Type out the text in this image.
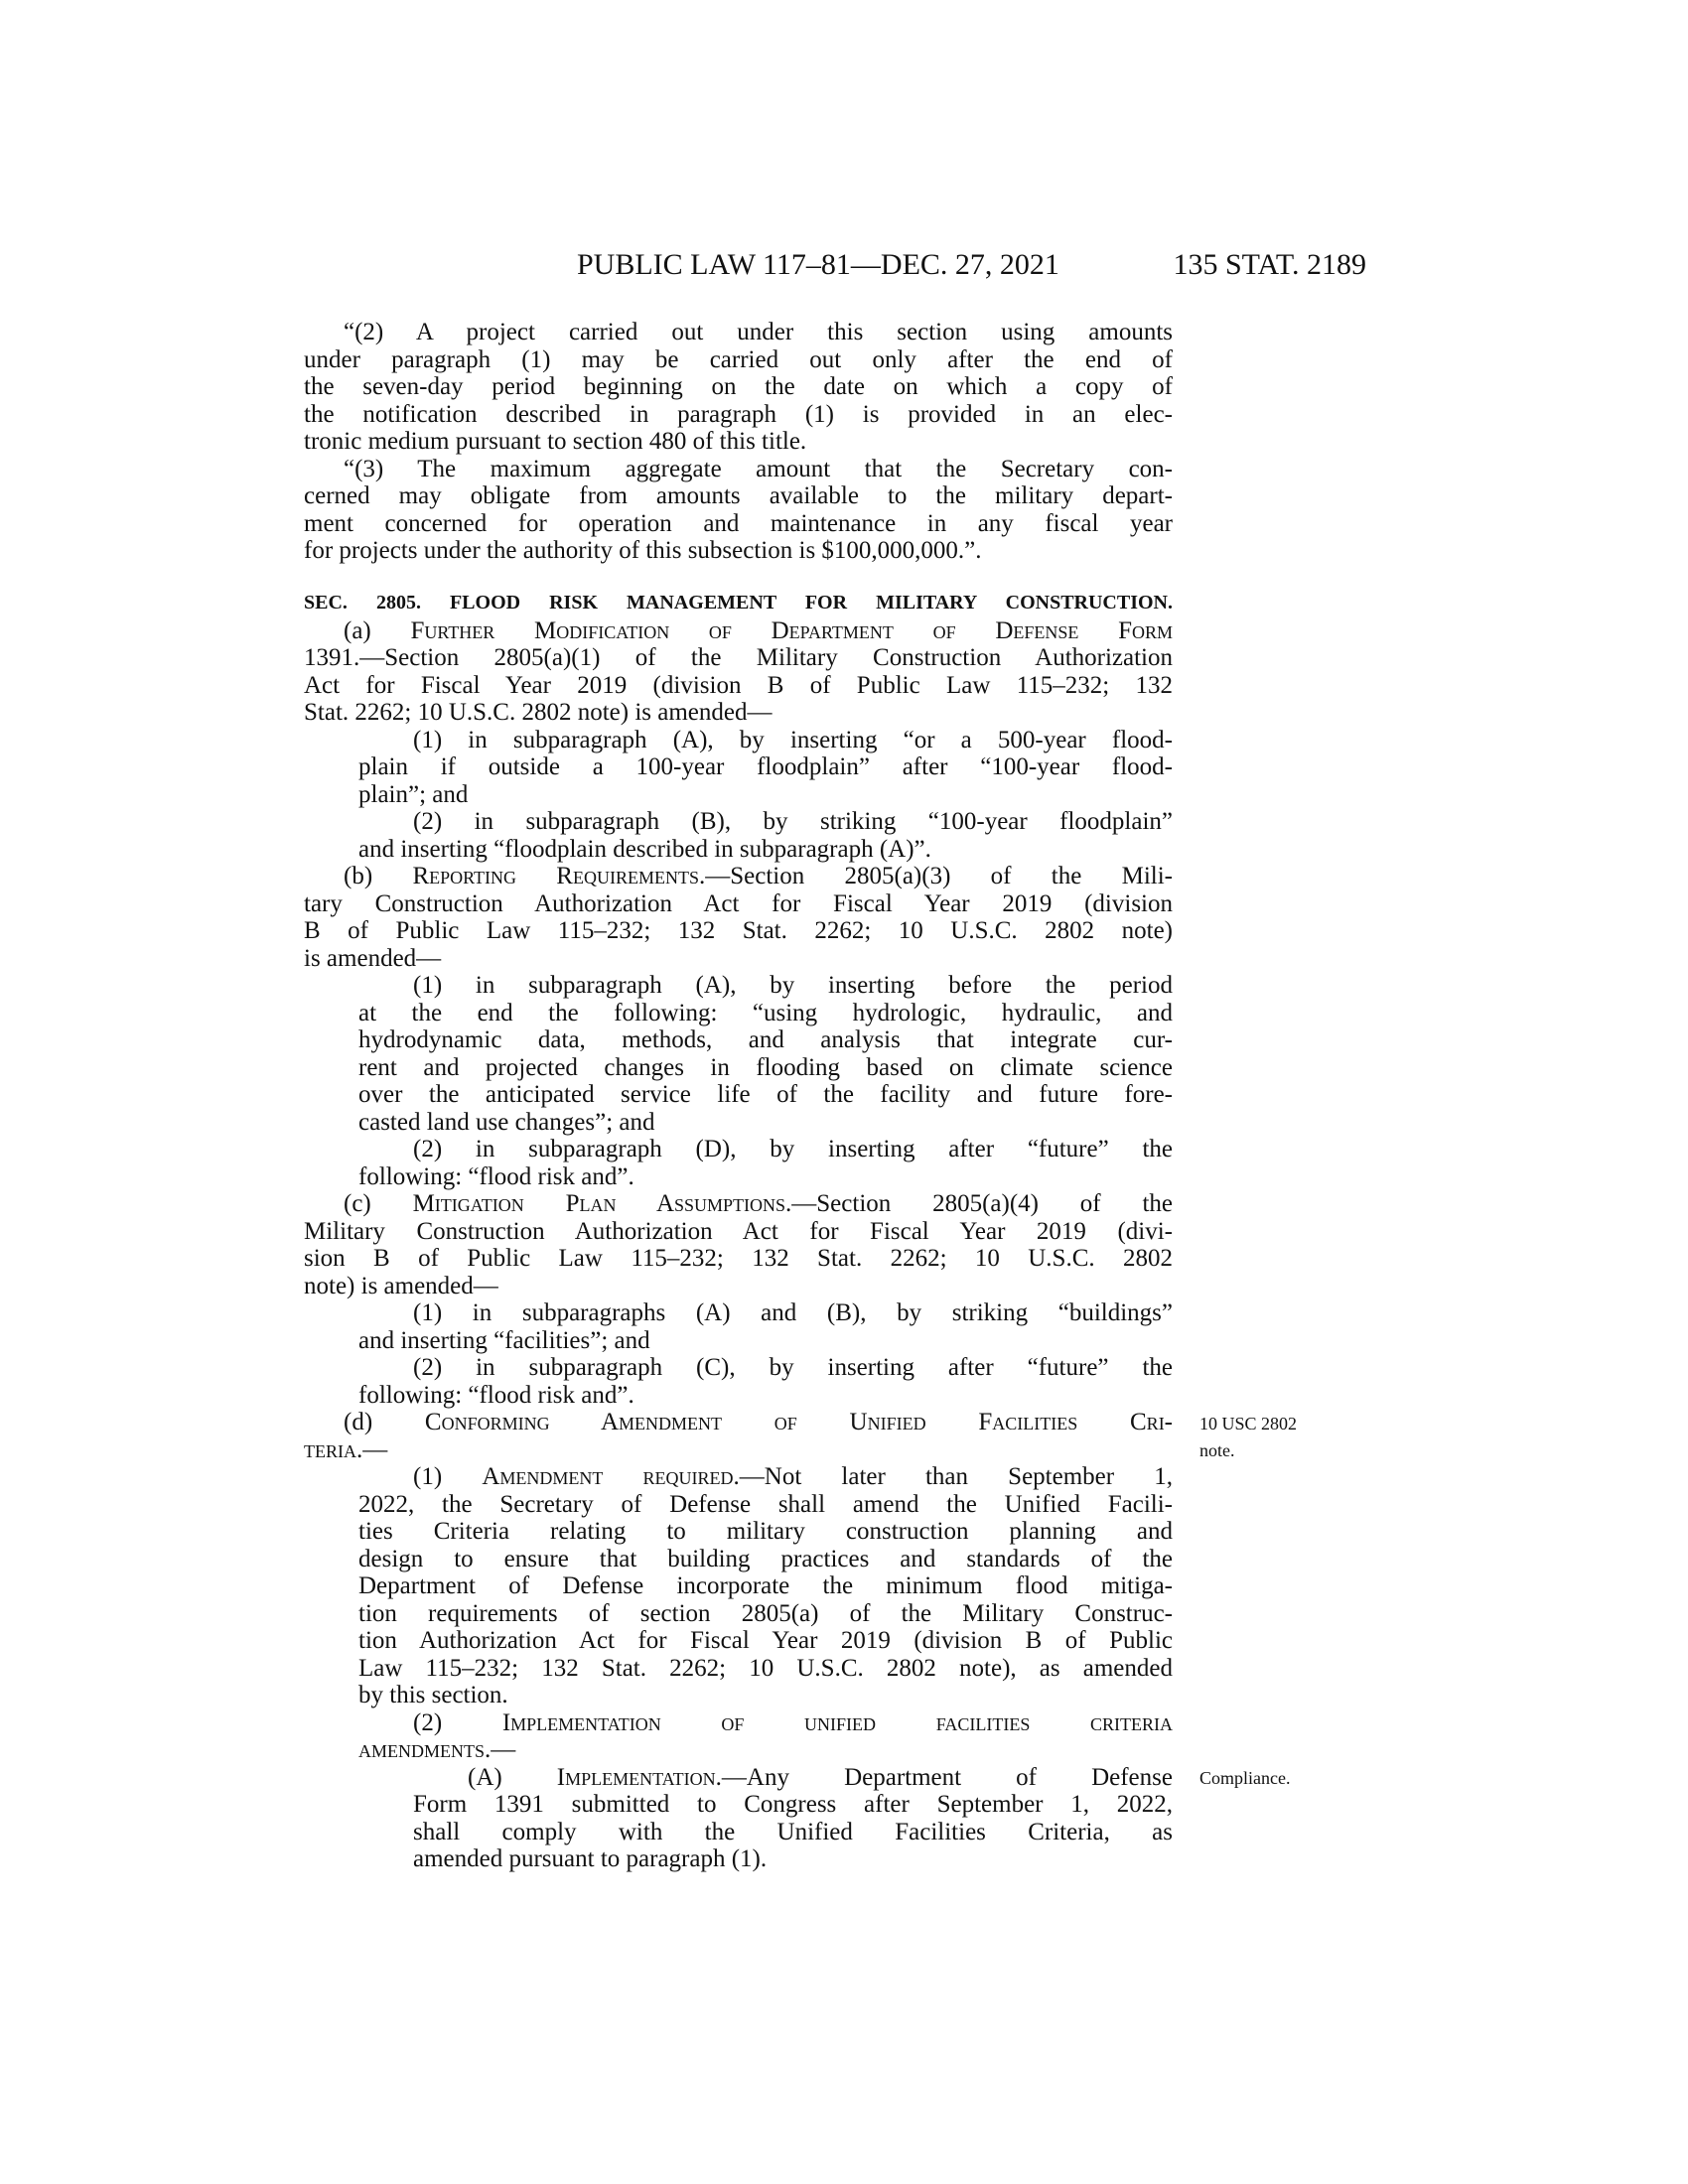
PUBLIC LAW 117–81—DEC. 27, 2021	135 STAT. 2189
“(2) A project carried out under this section using amounts
under paragraph (1) may be carried out only after the end of
the seven-day period beginning on the date on which a copy of
the notification described in paragraph (1) is provided in an elec-
tronic medium pursuant to section 480 of this title.
“(3) The maximum aggregate amount that the Secretary con-
cerned may obligate from amounts available to the military depart-
ment concerned for operation and maintenance in any fiscal year
for projects under the authority of this subsection is $100,000,000.”.
SEC. 2805. FLOOD RISK MANAGEMENT FOR MILITARY CONSTRUCTION.
(a) Further Modification of Department of Defense Form
1391.—Section 2805(a)(1) of the Military Construction Authorization
Act for Fiscal Year 2019 (division B of Public Law 115–232; 132
Stat. 2262; 10 U.S.C. 2802 note) is amended—
(1) in subparagraph (A), by inserting “or a 500-year flood-
plain if outside a 100-year floodplain” after “100-year flood-
plain”; and
(2) in subparagraph (B), by striking “100-year floodplain”
and inserting “floodplain described in subparagraph (A)”.
(b) Reporting Requirements.—Section 2805(a)(3) of the Mili-
tary Construction Authorization Act for Fiscal Year 2019 (division
B of Public Law 115–232; 132 Stat. 2262; 10 U.S.C. 2802 note)
is amended—
(1) in subparagraph (A), by inserting before the period
at the end the following: “using hydrologic, hydraulic, and
hydrodynamic data, methods, and analysis that integrate cur-
rent and projected changes in flooding based on climate science
over the anticipated service life of the facility and future fore-
casted land use changes”; and
(2) in subparagraph (D), by inserting after “future” the
following: “flood risk and”.
(c) Mitigation Plan Assumptions.—Section 2805(a)(4) of the
Military Construction Authorization Act for Fiscal Year 2019 (divi-
sion B of Public Law 115–232; 132 Stat. 2262; 10 U.S.C. 2802
note) is amended—
(1) in subparagraphs (A) and (B), by striking “buildings”
and inserting “facilities”; and
(2) in subparagraph (C), by inserting after “future” the
following: “flood risk and”.
(d) Conforming Amendment of Unified Facilities Cri-
teria.—
(1) Amendment required.—Not later than September 1,
2022, the Secretary of Defense shall amend the Unified Facili-
ties Criteria relating to military construction planning and
design to ensure that building practices and standards of the
Department of Defense incorporate the minimum flood mitiga-
tion requirements of section 2805(a) of the Military Construc-
tion Authorization Act for Fiscal Year 2019 (division B of Public
Law 115–232; 132 Stat. 2262; 10 U.S.C. 2802 note), as amended
by this section.
(2) Implementation of unified facilities criteria
amendments.—
(A) Implementation.—Any Department of Defense
Form 1391 submitted to Congress after September 1, 2022,
shall comply with the Unified Facilities Criteria, as
amended pursuant to paragraph (1).
10 USC 2802
note.
Compliance.
